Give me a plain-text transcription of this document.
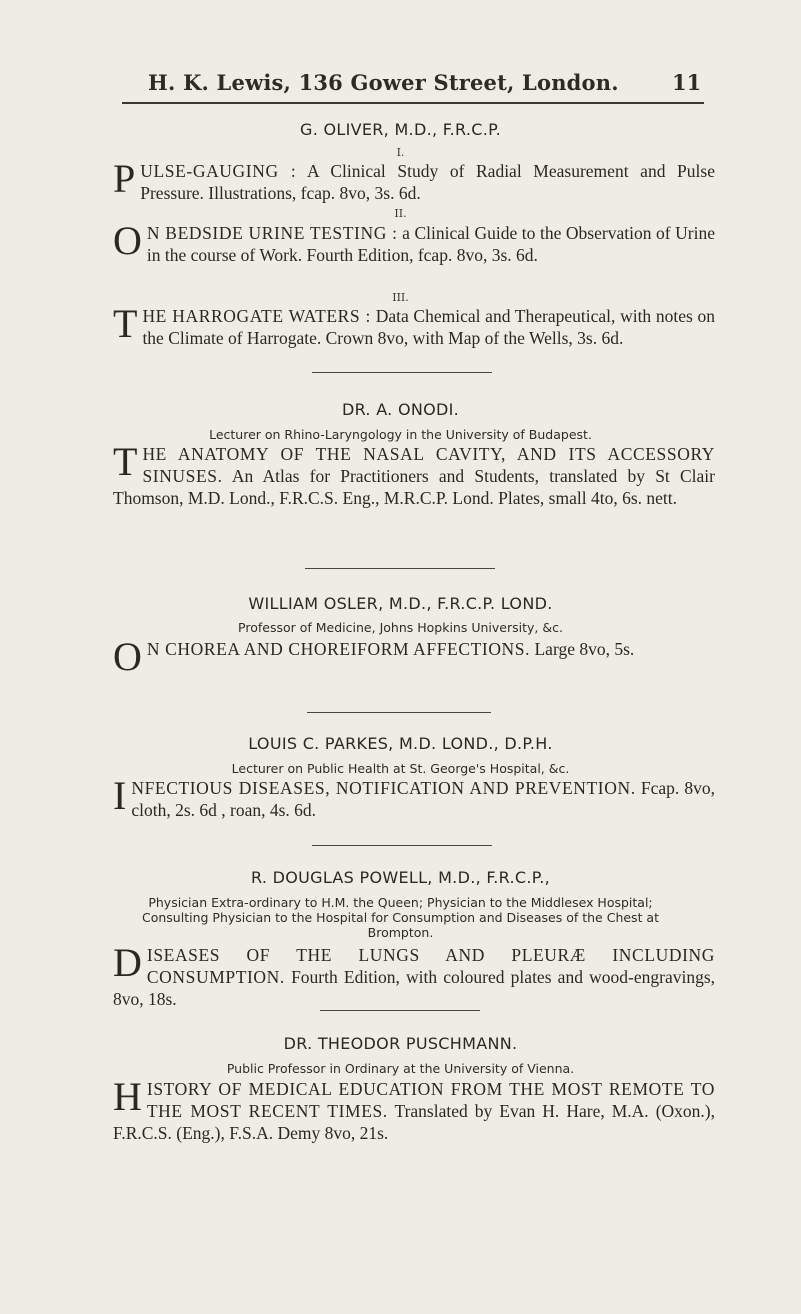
H. K. Lewis, 136 Gower Street, London.	11
G. OLIVER, M.D., F.R.C.P.
I.
PULSE-GAUGING : A Clinical Study of Radial Measurement and Pulse Pressure. Illustrations, fcap. 8vo, 3s. 6d.
II.
O N BEDSIDE URINE TESTING : a Clinical Guide to the Observation of Urine in the course of Work. Fourth Edition, fcap. 8vo, 3s. 6d.
III.
THE HARROGATE WATERS : Data Chemical and Therapeutical, with notes on the Climate of Harrogate. Crown 8vo, with Map of the Wells, 3s. 6d.
DR. A. ONODI.
Lecturer on Rhino-Laryngology in the University of Budapest.
THE ANATOMY OF THE NASAL CAVITY, AND ITS ACCESSORY SINUSES. An Atlas for Practitioners and Students, translated by St Clair Thomson, M.D. Lond., F.R.C.S. Eng., M.R.C.P. Lond. Plates, small 4to, 6s. nett.
WILLIAM OSLER, M.D., F.R.C.P. LOND.
Professor of Medicine, Johns Hopkins University, &c.
O N CHOREA AND CHOREIFORM AFFECTIONS. Large 8vo, 5s.
LOUIS C. PARKES, M.D. LOND., D.P.H.
Lecturer on Public Health at St. George's Hospital, &c.
INFECTIOUS DISEASES, NOTIFICATION AND PREVENTION. Fcap. 8vo, cloth, 2s. 6d , roan, 4s. 6d.
R. DOUGLAS POWELL, M.D., F.R.C.P.,
Physician Extra-ordinary to H.M. the Queen; Physician to the Middlesex Hospital; Consulting Physician to the Hospital for Consumption and Diseases of the Chest at Brompton.
DISEASES OF THE LUNGS AND PLEURÆ INCLUDING CONSUMPTION. Fourth Edition, with coloured plates and wood-engravings, 8vo, 18s.
DR. THEODOR PUSCHMANN.
Public Professor in Ordinary at the University of Vienna.
HISTORY OF MEDICAL EDUCATION FROM THE MOST REMOTE TO THE MOST RECENT TIMES. Translated by Evan H. Hare, M.A. (Oxon.), F.R.C.S. (Eng.), F.S.A. Demy 8vo, 21s.
